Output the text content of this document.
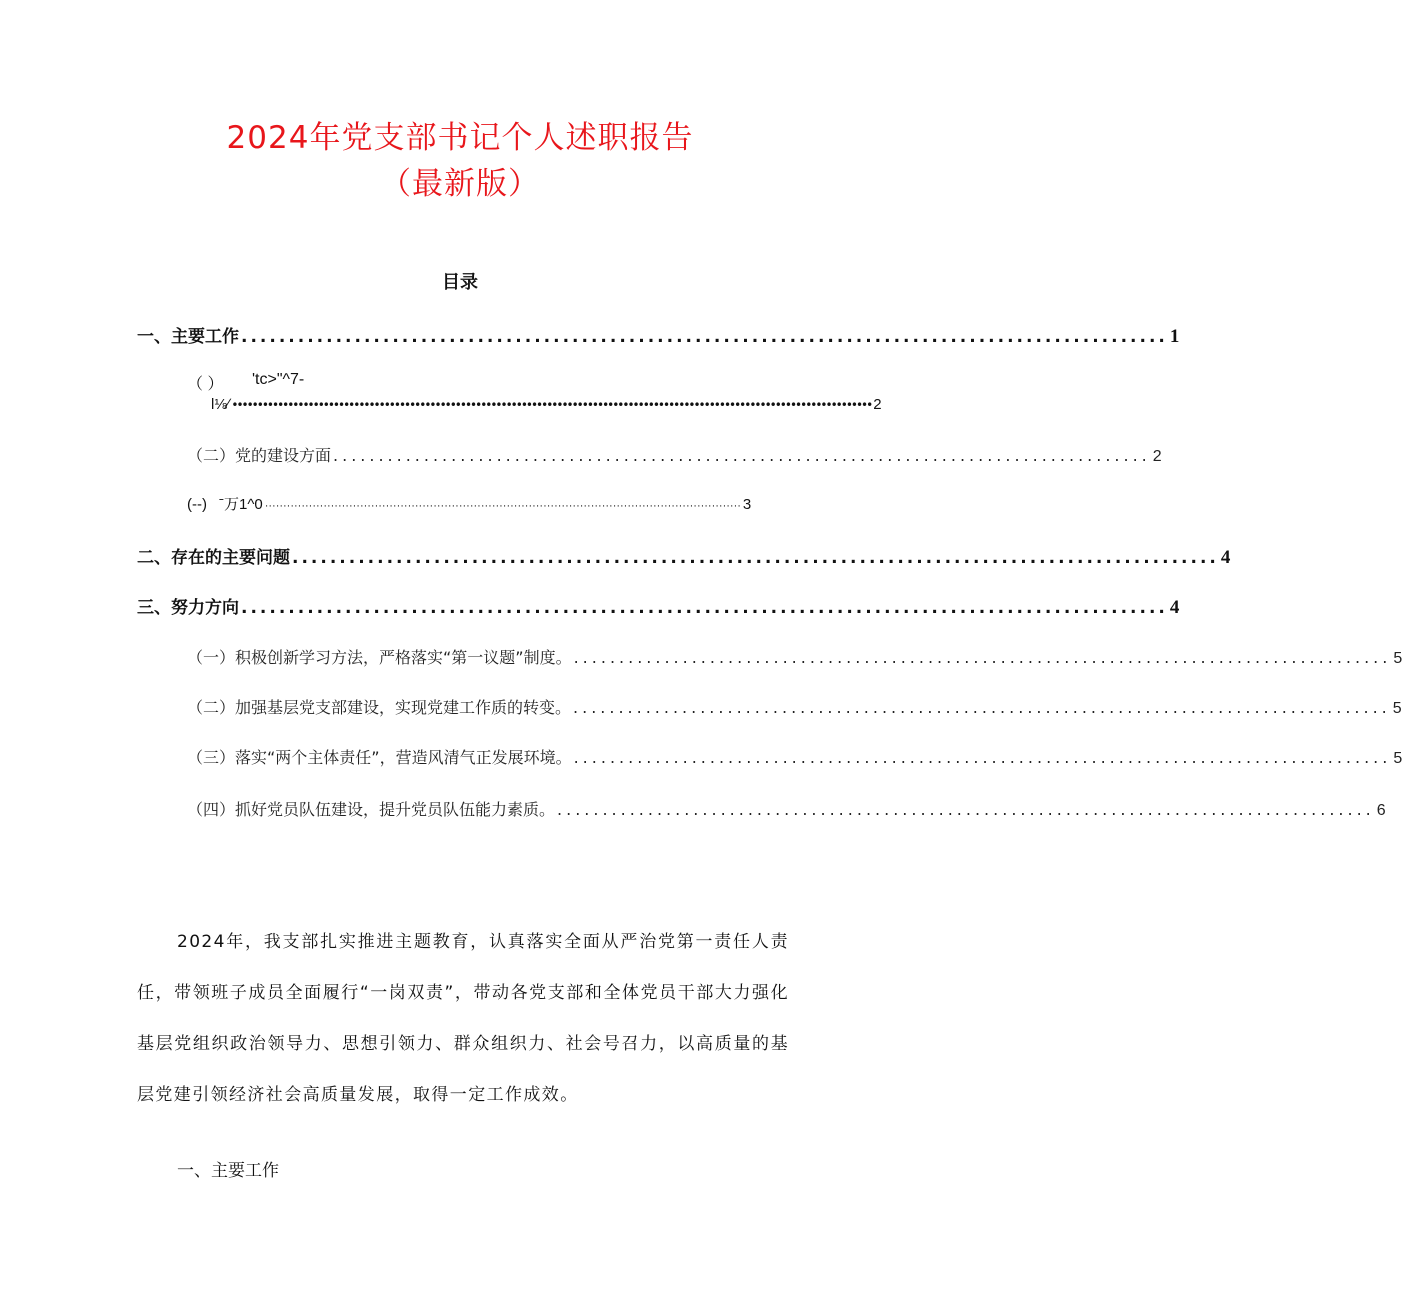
2024年党支部书记个人述职报告
（最新版）
目录
一、主要工作 .................................................................................................. 1
（ ） 'tc>"^7-
l⅛∕ •••••••••••••••••••••••••••••••••••••••••••••••••••••••••••••••••••••••••••••••••••••••••••••••••••••••••••••••••••••••••••••• 2
（二）党的建设方面 .......................................................................................... 2
(--) ˉ万1^0 ·································································································································· 3
二、存在的主要问题 .................................................................................................. 4
三、努力方向 .................................................................................................. 4
（一）积极创新学习方法，严格落实“第一议题”制度。 .......................................................................................... 5
（二）加强基层党支部建设，实现党建工作质的转变。 .......................................................................................... 5
（三）落实“两个主体责任”，营造风清气正发展环境。 .......................................................................................... 5
（四）抓好党员队伍建设，提升党员队伍能力素质。 .......................................................................................... 6

2024年，我支部扎实推进主题教育，认真落实全面从严治党第一责任人责任，带领班子成员全面履行“一岗双责”，带动各党支部和全体党员干部大力强化基层党组织政治领导力、思想引领力、群众组织力、社会号召力，以高质量的基层党建引领经济社会高质量发展，取得一定工作成效。

一、主要工作
